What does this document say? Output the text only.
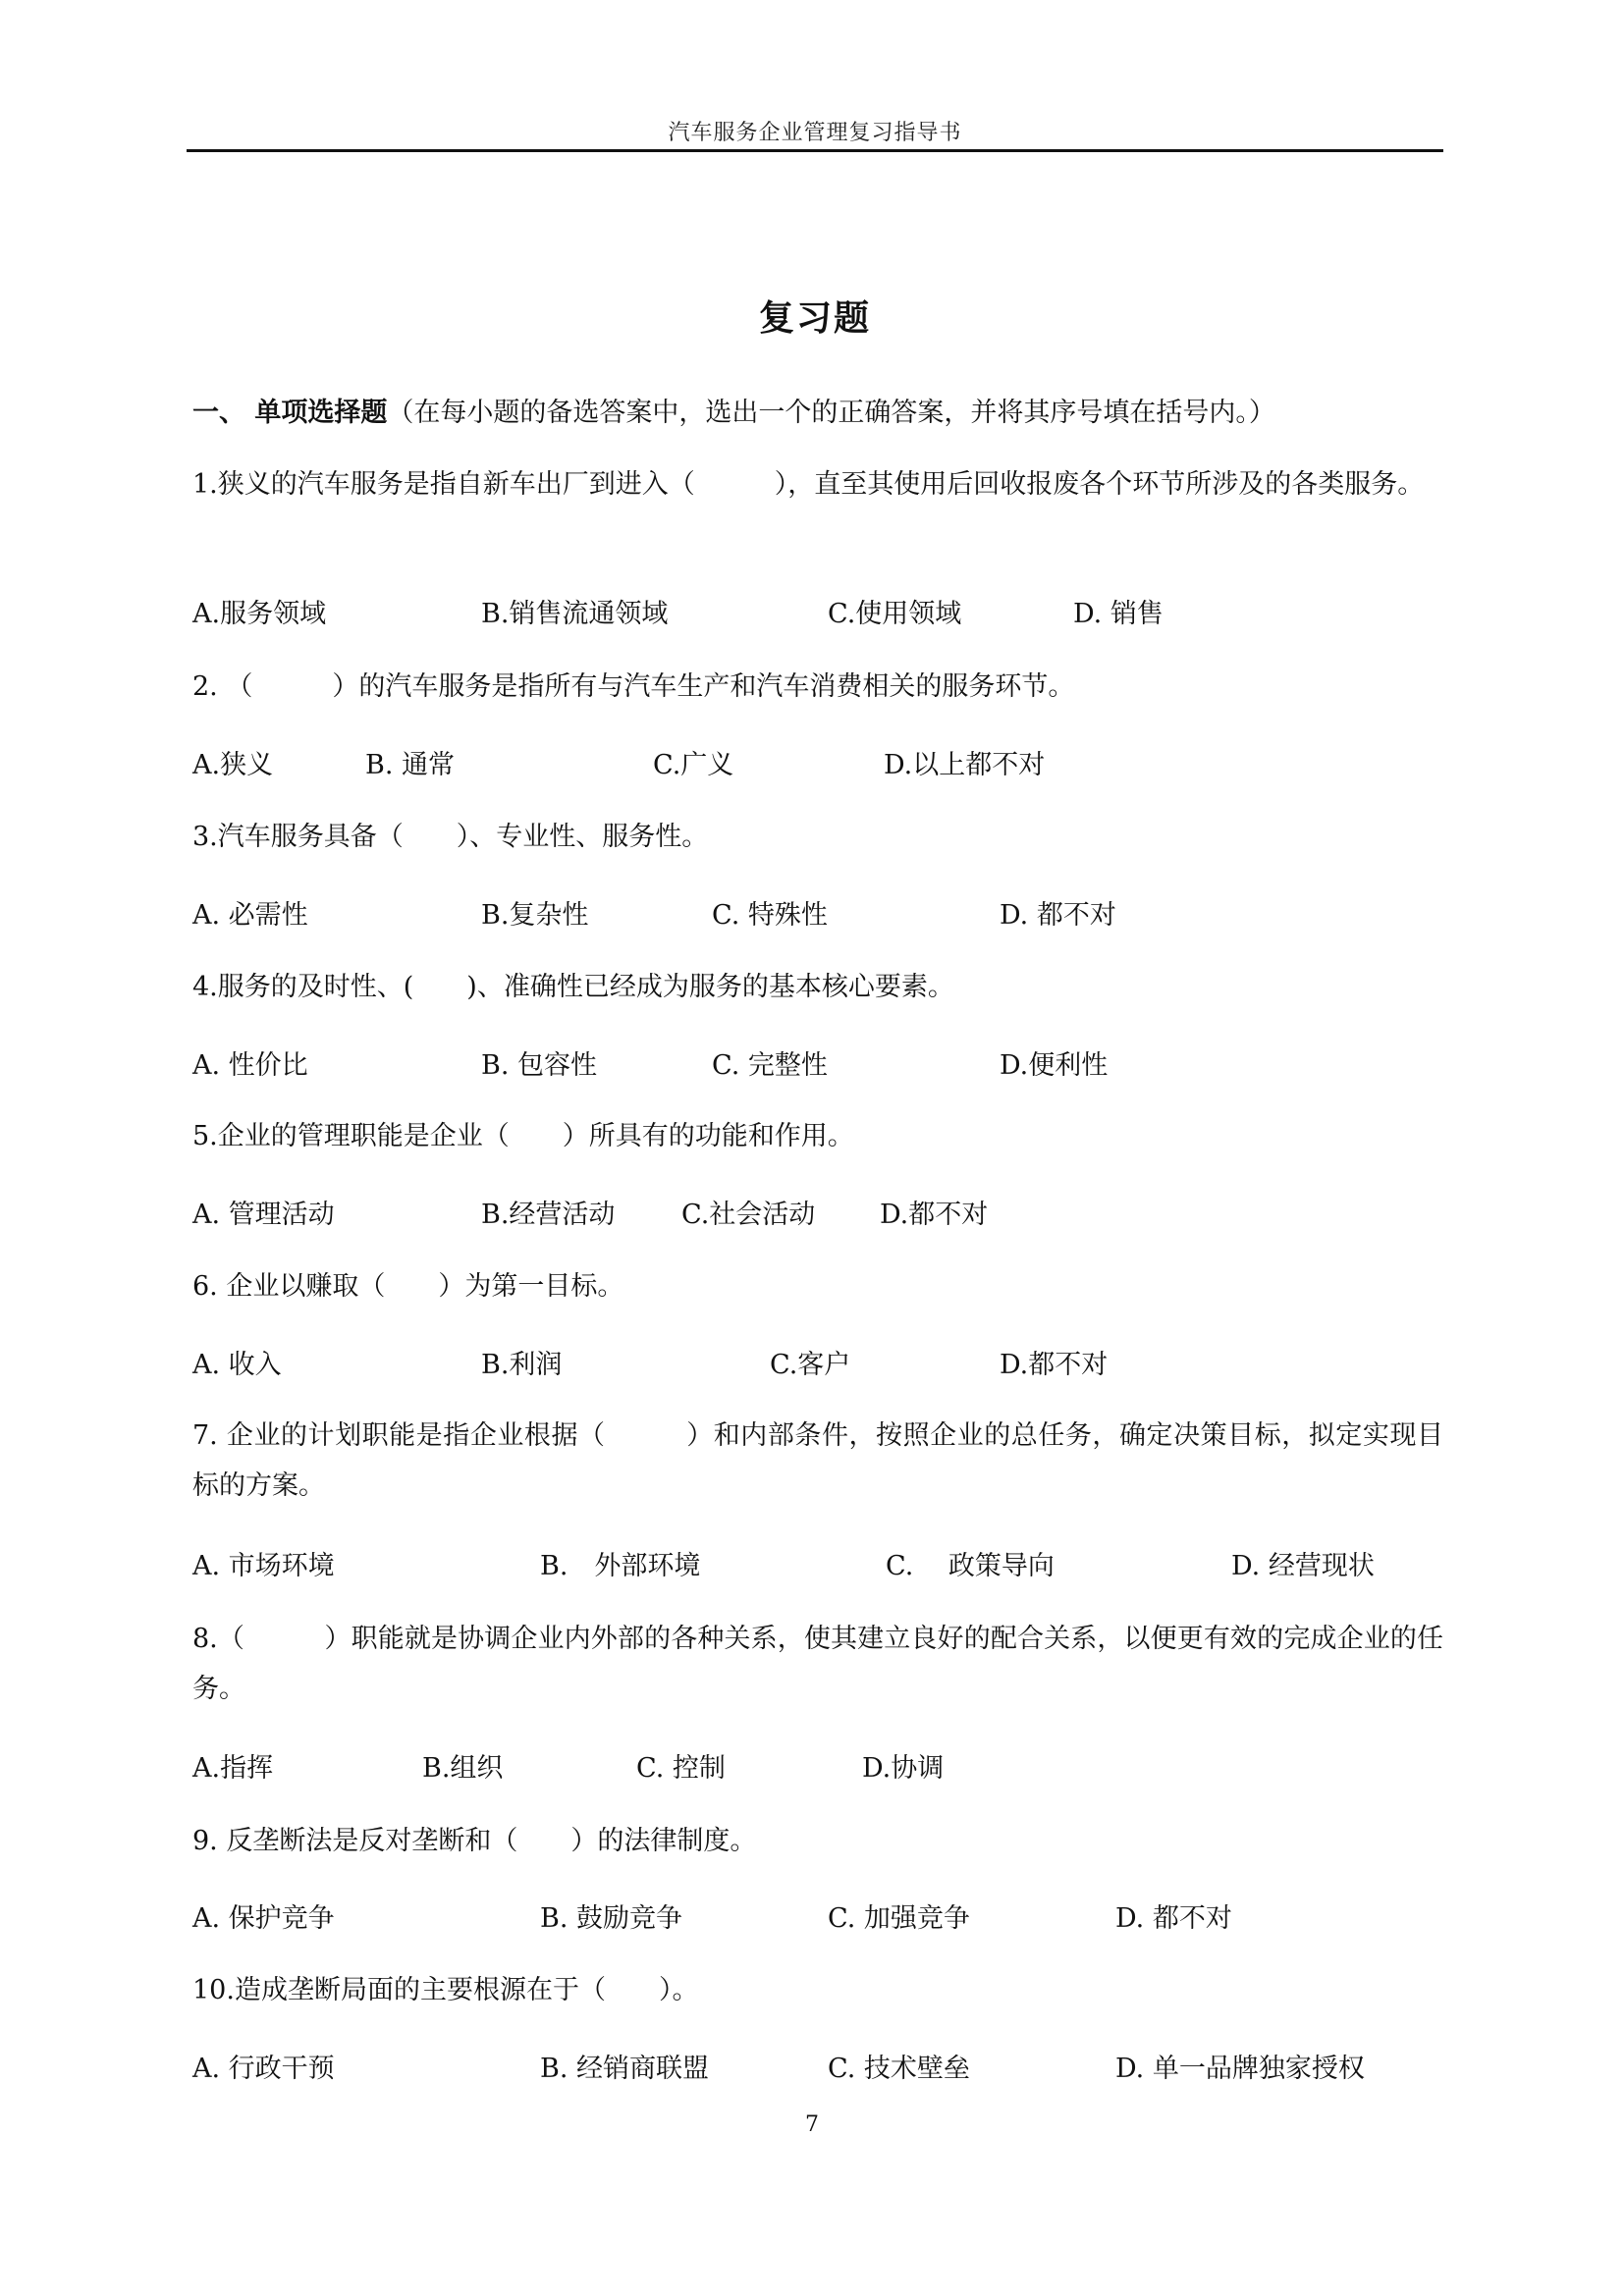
汽车服务企业管理复习指导书
复习题
一、 单项选择题（在每小题的备选答案中，选出一个的正确答案，并将其序号填在括号内。）
1.狭义的汽车服务是指自新车出厂到进入（　　　），直至其使用后回收报废各个环节所涉及的各类服务。
A.服务领域	B.销售流通领域	C.使用领域	D. 销售
2. （　　　）的汽车服务是指所有与汽车生产和汽车消费相关的服务环节。
A.狭义	B. 通常	C.广义	D.以上都不对
3.汽车服务具备（　　）、专业性、服务性。
A. 必需性	B.复杂性	C. 特殊性	D. 都不对
4.服务的及时性、(　　)、准确性已经成为服务的基本核心要素。
A. 性价比	B. 包容性	C. 完整性	D.便利性
5.企业的管理职能是企业（　　）所具有的功能和作用。
A. 管理活动	B.经营活动	C.社会活动 D.都不对
6. 企业以赚取（　　）为第一目标。
A. 收入	B.利润	C.客户	D.都不对
7. 企业的计划职能是指企业根据（　　　）和内部条件，按照企业的总任务，确定决策目标，拟定实现目标的方案。
A. 市场环境	B.　外部环境	C.　 政策导向	D. 经营现状
8.（　　　）职能就是协调企业内外部的各种关系，使其建立良好的配合关系，以便更有效的完成企业的任务。
A.指挥	B.组织	C. 控制	D.协调
9. 反垄断法是反对垄断和（　　）的法律制度。
A. 保护竞争	B. 鼓励竞争	C. 加强竞争	D. 都不对
10.造成垄断局面的主要根源在于（　　）。
A. 行政干预	B. 经销商联盟	C. 技术壁垒	D. 单一品牌独家授权
7
